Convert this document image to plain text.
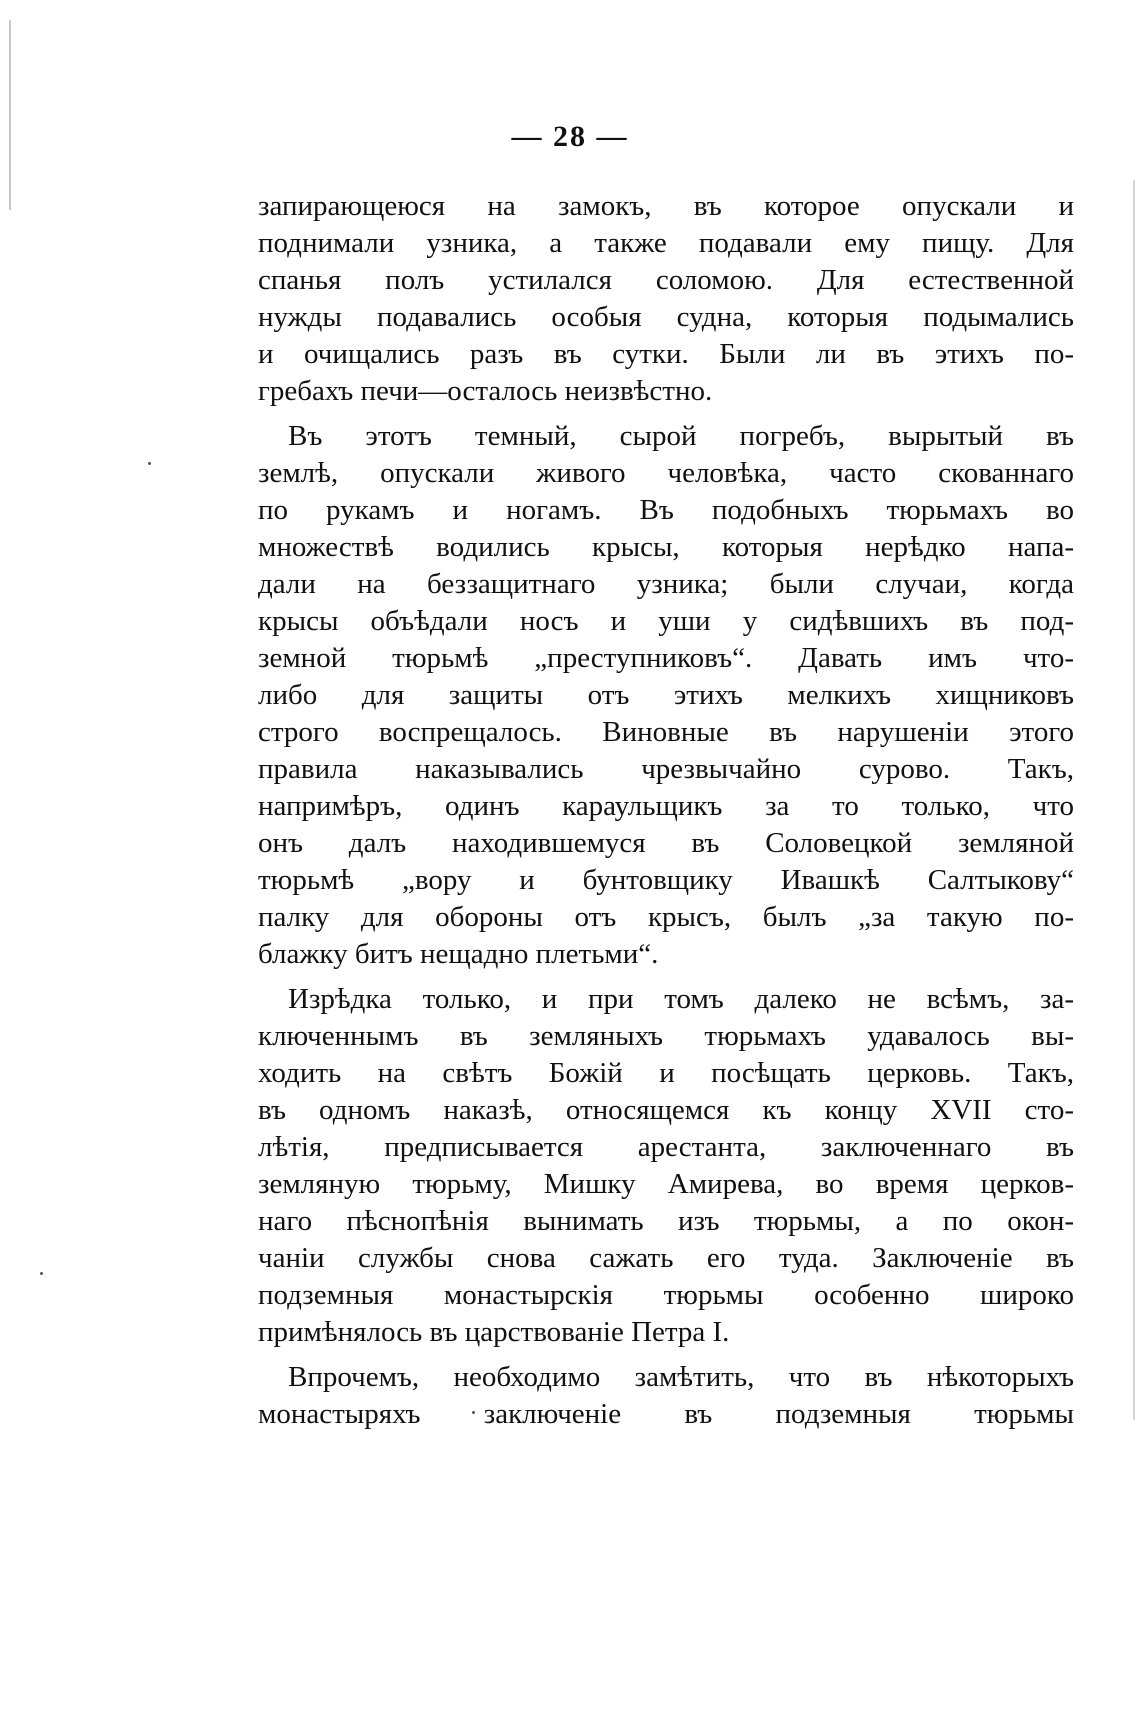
— 28 —
запирающеюся на замокъ, въ которое опускали и
поднимали узника, а также подавали ему пищу. Для
спанья полъ устилался соломою. Для естественной
нужды подавались особыя судна, которыя подымались
и очищались разъ въ сутки. Были ли въ этихъ по-
гребахъ печи—осталось неизвѣстно.
Въ этотъ темный, сырой погребъ, вырытый въ
землѣ, опускали живого человѣка, часто скованнаго
по рукамъ и ногамъ. Въ подобныхъ тюрьмахъ во
множествѣ водились крысы, которыя нерѣдко напа-
дали на беззащитнаго узника; были случаи, когда
крысы объѣдали носъ и уши у сидѣвшихъ въ под-
земной тюрьмѣ „преступниковъ“. Давать имъ что-
либо для защиты отъ этихъ мелкихъ хищниковъ
строго воспрещалось. Виновные въ нарушенiи этого
правила наказывались чрезвычайно сурово. Такъ,
напримѣръ, одинъ караульщикъ за то только, что
онъ далъ находившемуся въ Соловецкой земляной
тюрьмѣ „вору и бунтовщику Ивашкѣ Салтыкову“
палку для обороны отъ крысъ, былъ „за такую по-
блажку битъ нещадно плетьми“.
Изрѣдка только, и при томъ далеко не всѣмъ, за-
ключеннымъ въ земляныхъ тюрьмахъ удавалось вы-
ходить на свѣтъ Божiй и посѣщать церковь. Такъ,
въ одномъ наказѣ, относящемся къ концу XVII сто-
лѣтiя, предписывается арестанта, заключеннаго въ
земляную тюрьму, Мишку Амирева, во время церков-
наго пѣснопѣнiя вынимать изъ тюрьмы, а по окон-
чанiи службы снова сажать его туда. Заключенiе въ
подземныя монастырскiя тюрьмы особенно широко
примѣнялось въ царствованiе Петра I.
Впрочемъ, необходимо замѣтить, что въ нѣкоторыхъ
монастыряхъ заключенiе въ подземныя тюрьмы
